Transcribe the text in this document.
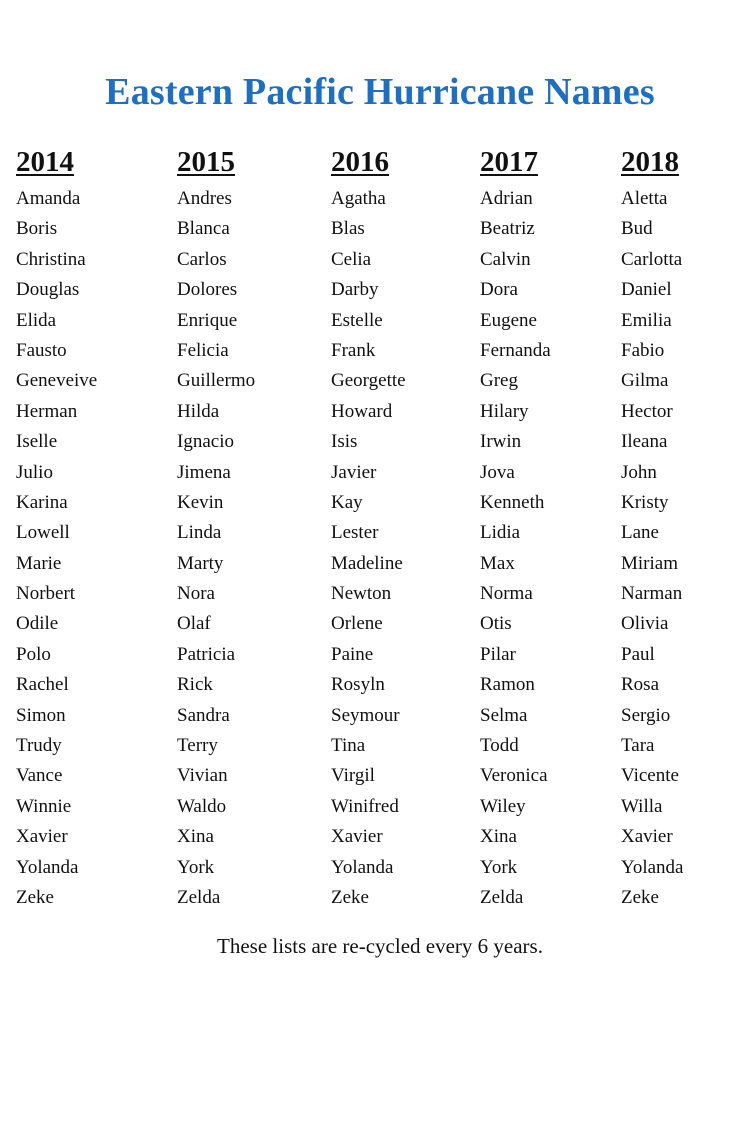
Eastern Pacific Hurricane Names
2014
Amanda
Boris
Christina
Douglas
Elida
Fausto
Geneveive
Herman
Iselle
Julio
Karina
Lowell
Marie
Norbert
Odile
Polo
Rachel
Simon
Trudy
Vance
Winnie
Xavier
Yolanda
Zeke
2015
Andres
Blanca
Carlos
Dolores
Enrique
Felicia
Guillermo
Hilda
Ignacio
Jimena
Kevin
Linda
Marty
Nora
Olaf
Patricia
Rick
Sandra
Terry
Vivian
Waldo
Xina
York
Zelda
2016
Agatha
Blas
Celia
Darby
Estelle
Frank
Georgette
Howard
Isis
Javier
Kay
Lester
Madeline
Newton
Orlene
Paine
Rosyln
Seymour
Tina
Virgil
Winifred
Xavier
Yolanda
Zeke
2017
Adrian
Beatriz
Calvin
Dora
Eugene
Fernanda
Greg
Hilary
Irwin
Jova
Kenneth
Lidia
Max
Norma
Otis
Pilar
Ramon
Selma
Todd
Veronica
Wiley
Xina
York
Zelda
2018
Aletta
Bud
Carlotta
Daniel
Emilia
Fabio
Gilma
Hector
Ileana
John
Kristy
Lane
Miriam
Narman
Olivia
Paul
Rosa
Sergio
Tara
Vicente
Willa
Xavier
Yolanda
Zeke

These lists are re-cycled every 6 years.
